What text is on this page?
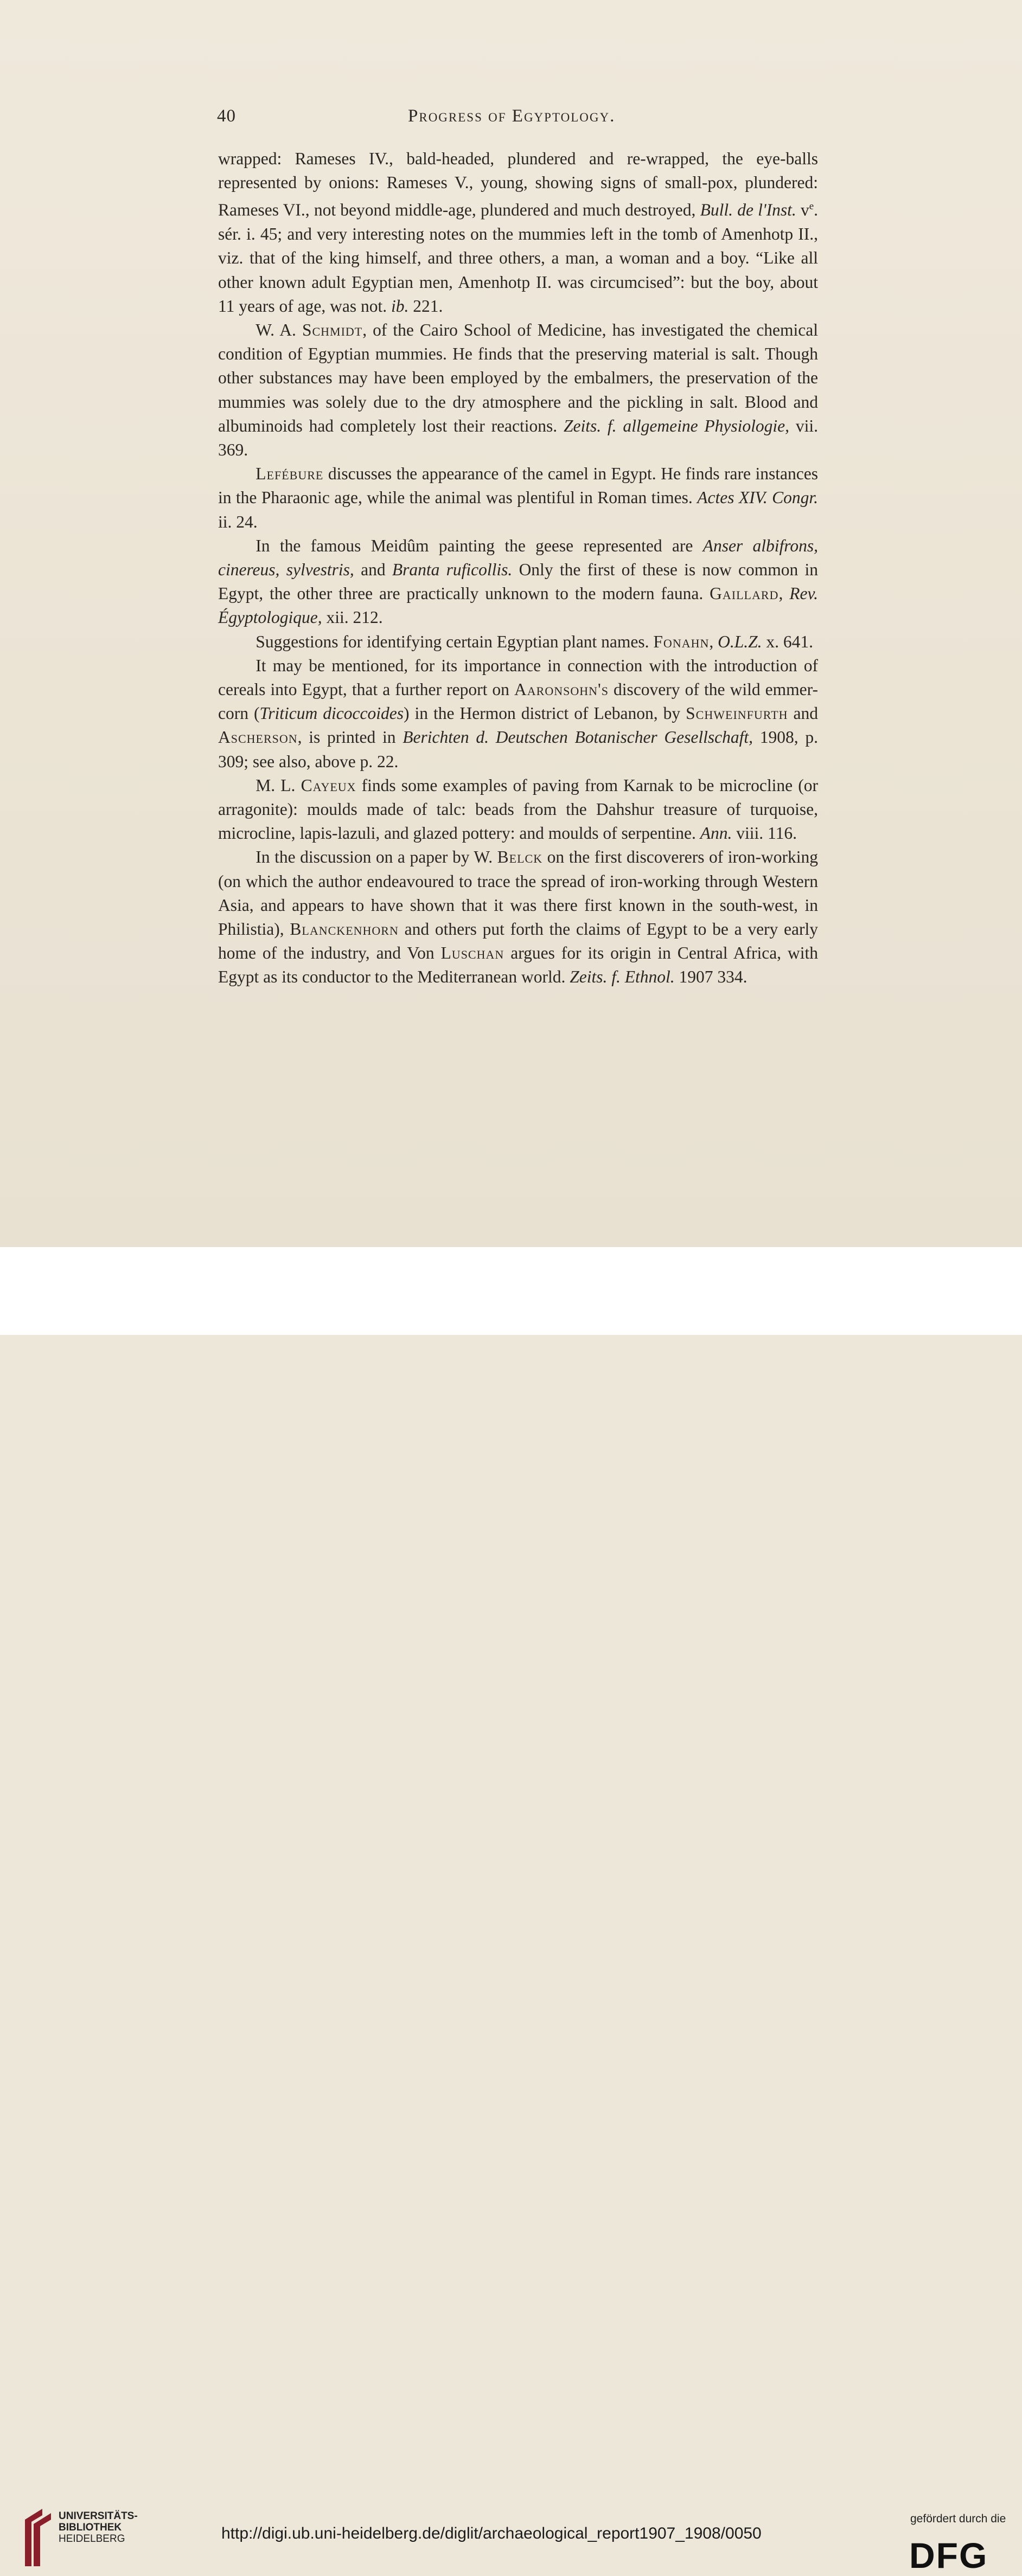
40	Progress of Egyptology.

wrapped: Rameses IV., bald-headed, plundered and re-wrapped, the eye-balls represented by onions: Rameses V., young, showing signs of small-pox, plundered: Rameses VI., not beyond middle-age, plundered and much destroyed, Bull. de l'Inst. $v^e$. sér. i. 45; and very interesting notes on the mummies left in the tomb of Amenhotp II., viz. that of the king himself, and three others, a man, a woman and a boy. “Like all other known adult Egyptian men, Amenhotp II. was circumcised”: but the boy, about 11 years of age, was not. ib. 221.

W. A. Schmidt, of the Cairo School of Medicine, has investigated the chemical condition of Egyptian mummies. He finds that the preserving material is salt. Though other substances may have been employed by the embalmers, the preservation of the mummies was solely due to the dry atmosphere and the pickling in salt. Blood and albuminoids had completely lost their reactions. Zeits. f. allgemeine Physiologie, vii. 369.

Lefébure discusses the appearance of the camel in Egypt. He finds rare instances in the Pharaonic age, while the animal was plentiful in Roman times. Actes XIV. Congr. ii. 24.

In the famous Meidûm painting the geese represented are Anser albifrons, cinereus, sylvestris, and Branta ruficollis. Only the first of these is now common in Egypt, the other three are practically unknown to the modern fauna. Gaillard, Rev. Égyptologique, xii. 212.

Suggestions for identifying certain Egyptian plant names. Fonahn, O.L.Z. x. 641.

It may be mentioned, for its importance in connection with the introduction of cereals into Egypt, that a further report on Aaronsohn's discovery of the wild emmer-corn (Triticum dicoccoides) in the Hermon district of Lebanon, by Schweinfurth and Ascherson, is printed in Berichten d. Deutschen Botanischer Gesellschaft, 1908, p. 309; see also, above p. 22.

M. L. Cayeux finds some examples of paving from Karnak to be microcline (or arragonite): moulds made of talc: beads from the Dahshur treasure of turquoise, microcline, lapis-lazuli, and glazed pottery: and moulds of serpentine. Ann. viii. 116.

In the discussion on a paper by W. Belck on the first discoverers of iron-working (on which the author endeavoured to trace the spread of iron-working through Western Asia, and appears to have shown that it was there first known in the south-west, in Philistia), Blanckenhorn and others put forth the claims of Egypt to be a very early home of the industry, and Von Luschan argues for its origin in Central Africa, with Egypt as its conductor to the Mediterranean world. Zeits. f. Ethnol. 1907 334.

UNIVERSITÄTS-
BIBLIOTHEK
HEIDELBERG	http://digi.ub.uni-heidelberg.de/diglit/archaeological_report1907_1908/0050
gefördert durch die
DFG
